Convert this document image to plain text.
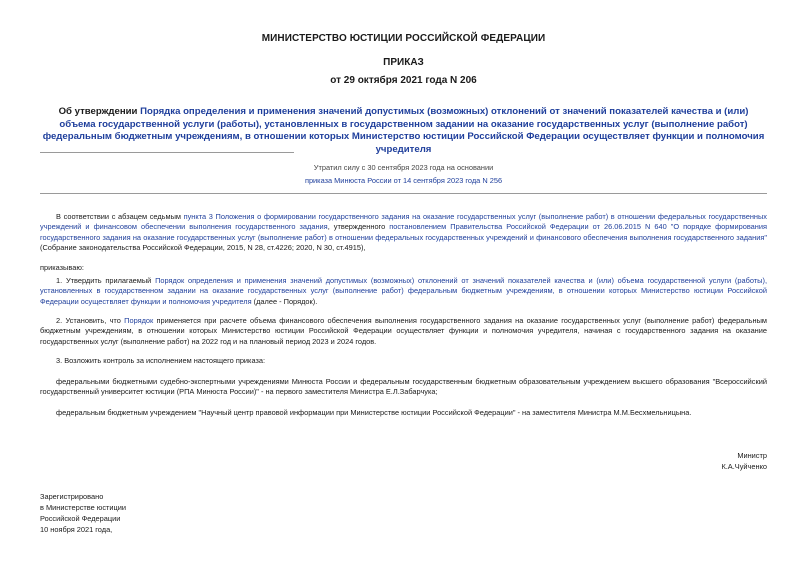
МИНИСТЕРСТВО ЮСТИЦИИ РОССИЙСКОЙ ФЕДЕРАЦИИ
ПРИКАЗ
от 29 октября 2021 года N 206
Об утверждении Порядка определения и применения значений допустимых (возможных) отклонений от значений показателей качества и (или) объема государственной услуги (работы), установленных в государственном задании на оказание государственных услуг (выполнение работ) федеральным бюджетным учреждениям, в отношении которых Министерство юстиции Российской Федерации осуществляет функции и полномочия учредителя
Утратил силу с 30 сентября 2023 года на основании
приказа Минюста России от 14 сентября 2023 года N 256
В соответствии с абзацем седьмым пункта 3 Положения о формировании государственного задания на оказание государственных услуг (выполнение работ) в отношении федеральных государственных учреждений и финансовом обеспечении выполнения государственного задания, утвержденного постановлением Правительства Российской Федерации от 26.06.2015 N 640 "О порядке формирования государственного задания на оказание государственных услуг (выполнение работ) в отношении федеральных государственных учреждений и финансового обеспечения выполнения государственного задания" (Собрание законодательства Российской Федерации, 2015, N 28, ст.4226; 2020, N 30, ст.4915),
приказываю:
1. Утвердить прилагаемый Порядок определения и применения значений допустимых (возможных) отклонений от значений показателей качества и (или) объема государственной услуги (работы), установленных в государственном задании на оказание государственных услуг (выполнение работ) федеральным бюджетным учреждениям, в отношении которых Министерство юстиции Российской Федерации осуществляет функции и полномочия учредителя (далее - Порядок).
2. Установить, что Порядок применяется при расчете объема финансового обеспечения выполнения государственного задания на оказание государственных услуг (выполнение работ) федеральным бюджетным учреждениям, в отношении которых Министерство юстиции Российской Федерации осуществляет функции и полномочия учредителя, начиная с государственного задания на оказание государственных услуг (выполнение работ) на 2022 год и на плановый период 2023 и 2024 годов.
3. Возложить контроль за исполнением настоящего приказа:
федеральными бюджетными судебно-экспертными учреждениями Минюста России и федеральным государственным бюджетным образовательным учреждением высшего образования "Всероссийский государственный университет юстиции (РПА Минюста России)" - на первого заместителя Министра Е.Л.Забарчука;
федеральным бюджетным учреждением "Научный центр правовой информации при Министерстве юстиции Российской Федерации" - на заместителя Министра М.М.Бесхмельницына.
Министр
К.А.Чуйченко
Зарегистрировано
в Министерстве юстиции
Российской Федерации
10 ноября 2021 года,
